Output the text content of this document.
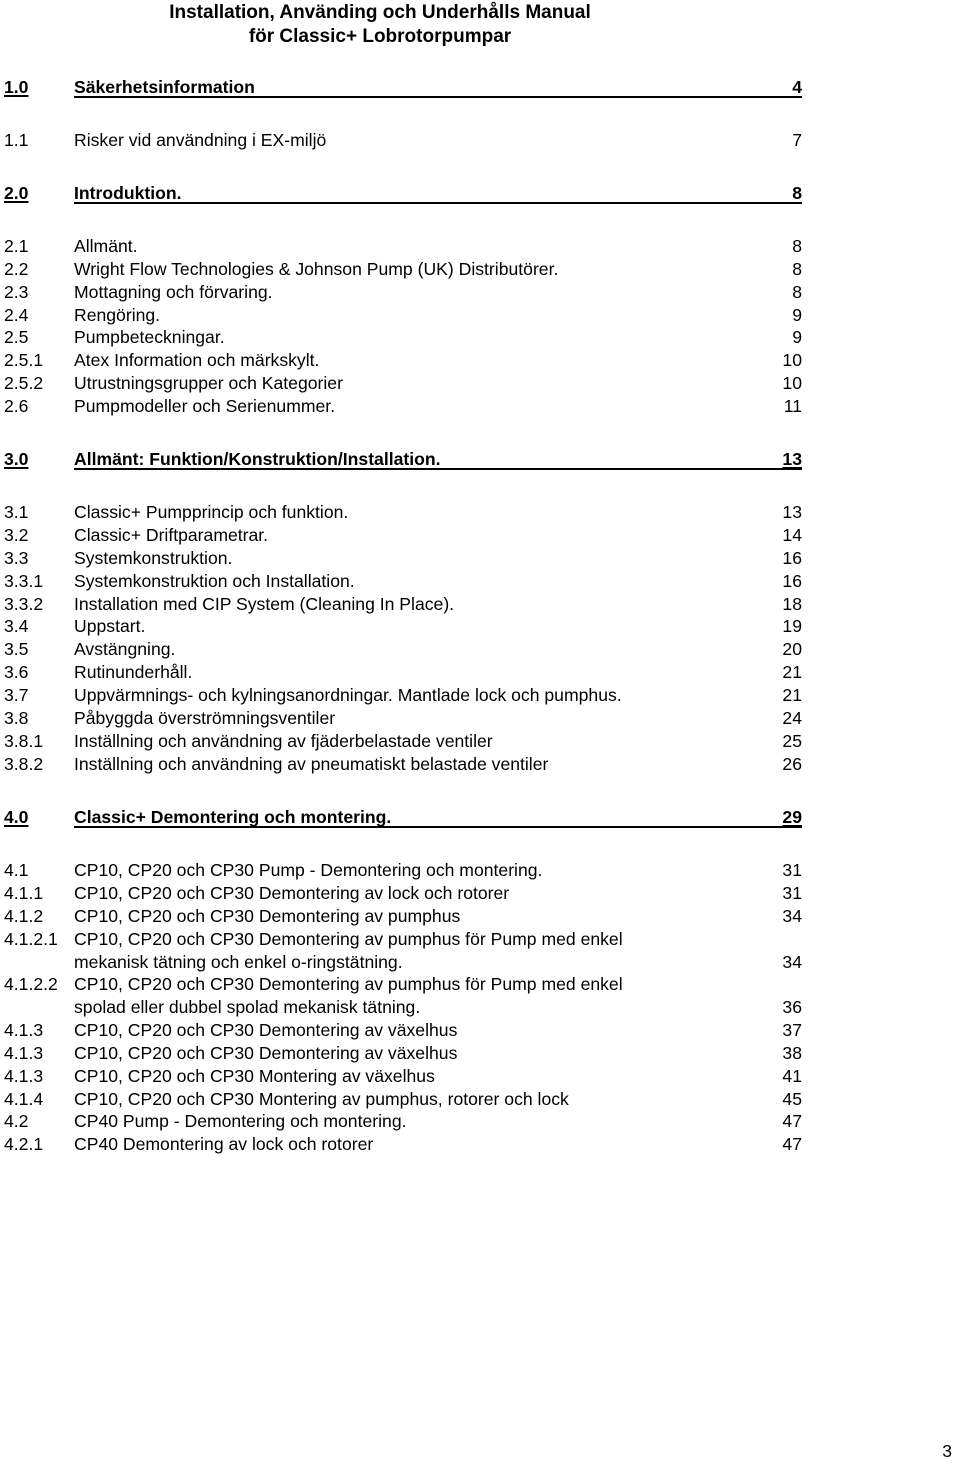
Installation, Använding och Underhålls Manual
för Classic+ Lobrotorpumpar
1.0	Säkerhetsinformation	4
1.1	Risker vid användning i EX-miljö	7
2.0	Introduktion.	8
2.1	Allmänt.	8
2.2	Wright Flow Technologies & Johnson Pump (UK) Distributörer.	8
2.3	Mottagning och förvaring.	8
2.4	Rengöring.	9
2.5	Pumpbeteckningar.	9
2.5.1 Atex Information och märkskylt.	10
2.5.2 Utrustningsgrupper och Kategorier	10
2.6	Pumpmodeller och Serienummer.	11
3.0	Allmänt: Funktion/Konstruktion/Installation.	13
3.1	Classic+ Pumpprincip och funktion.	13
3.2	Classic+ Driftparametrar.	14
3.3	Systemkonstruktion.	16
3.3.1 Systemkonstruktion och Installation.	16
3.3.2 Installation med CIP System (Cleaning In Place).	18
3.4	Uppstart.	19
3.5	Avstängning.	20
3.6	Rutinunderhåll.	21
3.7	Uppvärmnings- och kylningsanordningar. Mantlade lock och pumphus.	21
3.8	Påbyggda överströmningsventiler	24
3.8.1 Inställning och användning av fjäderbelastade ventiler	25
3.8.2 Inställning och användning av pneumatiskt belastade ventiler	26
4.0	Classic+ Demontering och montering.	29
4.1	CP10, CP20 och CP30 Pump - Demontering och montering.	31
4.1.1 CP10, CP20 och CP30 Demontering av lock och rotorer	31
4.1.2 CP10, CP20 och CP30 Demontering av pumphus	34
4.1.2.1 CP10, CP20 och CP30 Demontering av pumphus för Pump med enkel
mekanisk tätning och enkel o-ringstätning.	34
4.1.2.2 CP10, CP20 och CP30 Demontering av pumphus för Pump med enkel
spolad eller dubbel spolad mekanisk tätning.	36
4.1.3 CP10, CP20 och CP30 Demontering av växelhus	37
4.1.3 CP10, CP20 och CP30 Demontering av växelhus	38
4.1.3 CP10, CP20 och CP30 Montering av växelhus	41
4.1.4 CP10, CP20 och CP30 Montering av pumphus, rotorer och lock	45
4.2	CP40 Pump - Demontering och montering.	47
4.2.1 CP40 Demontering av lock och rotorer	47
3
